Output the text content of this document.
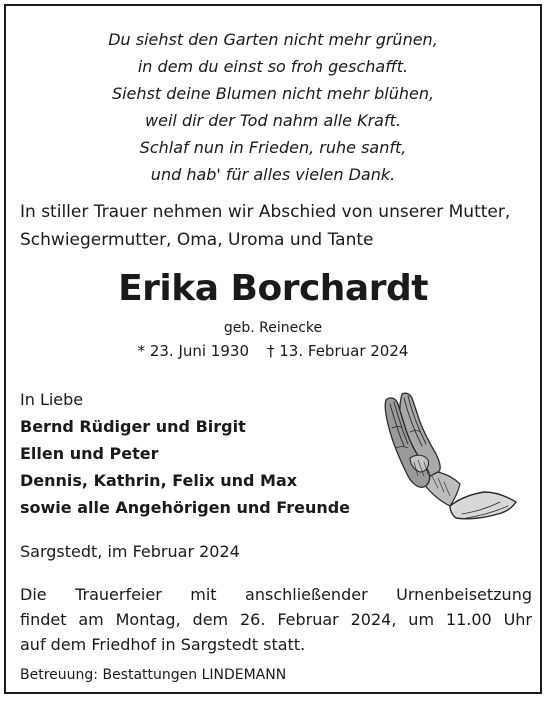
Du siehst den Garten nicht mehr grünen,
in dem du einst so froh geschafft.
Siehst deine Blumen nicht mehr blühen,
weil dir der Tod nahm alle Kraft.
Schlaf nun in Frieden, ruhe sanft,
und hab' für alles vielen Dank.
In stiller Trauer nehmen wir Abschied von unserer Mutter,
Schwiegermutter, Oma, Uroma und Tante
Erika Borchardt
geb. Reinecke
* 23. Juni 1930 † 13. Februar 2024
In Liebe
Bernd Rüdiger und Birgit
Ellen und Peter
Dennis, Kathrin, Felix und Max
sowie alle Angehörigen und Freunde
Sargstedt, im Februar 2024
Die Trauerfeier mit anschließender Urnenbeisetzung
findet am Montag, dem 26. Februar 2024, um 11.00 Uhr
auf dem Friedhof in Sargstedt statt.
Betreuung: Bestattungen LINDEMANN
